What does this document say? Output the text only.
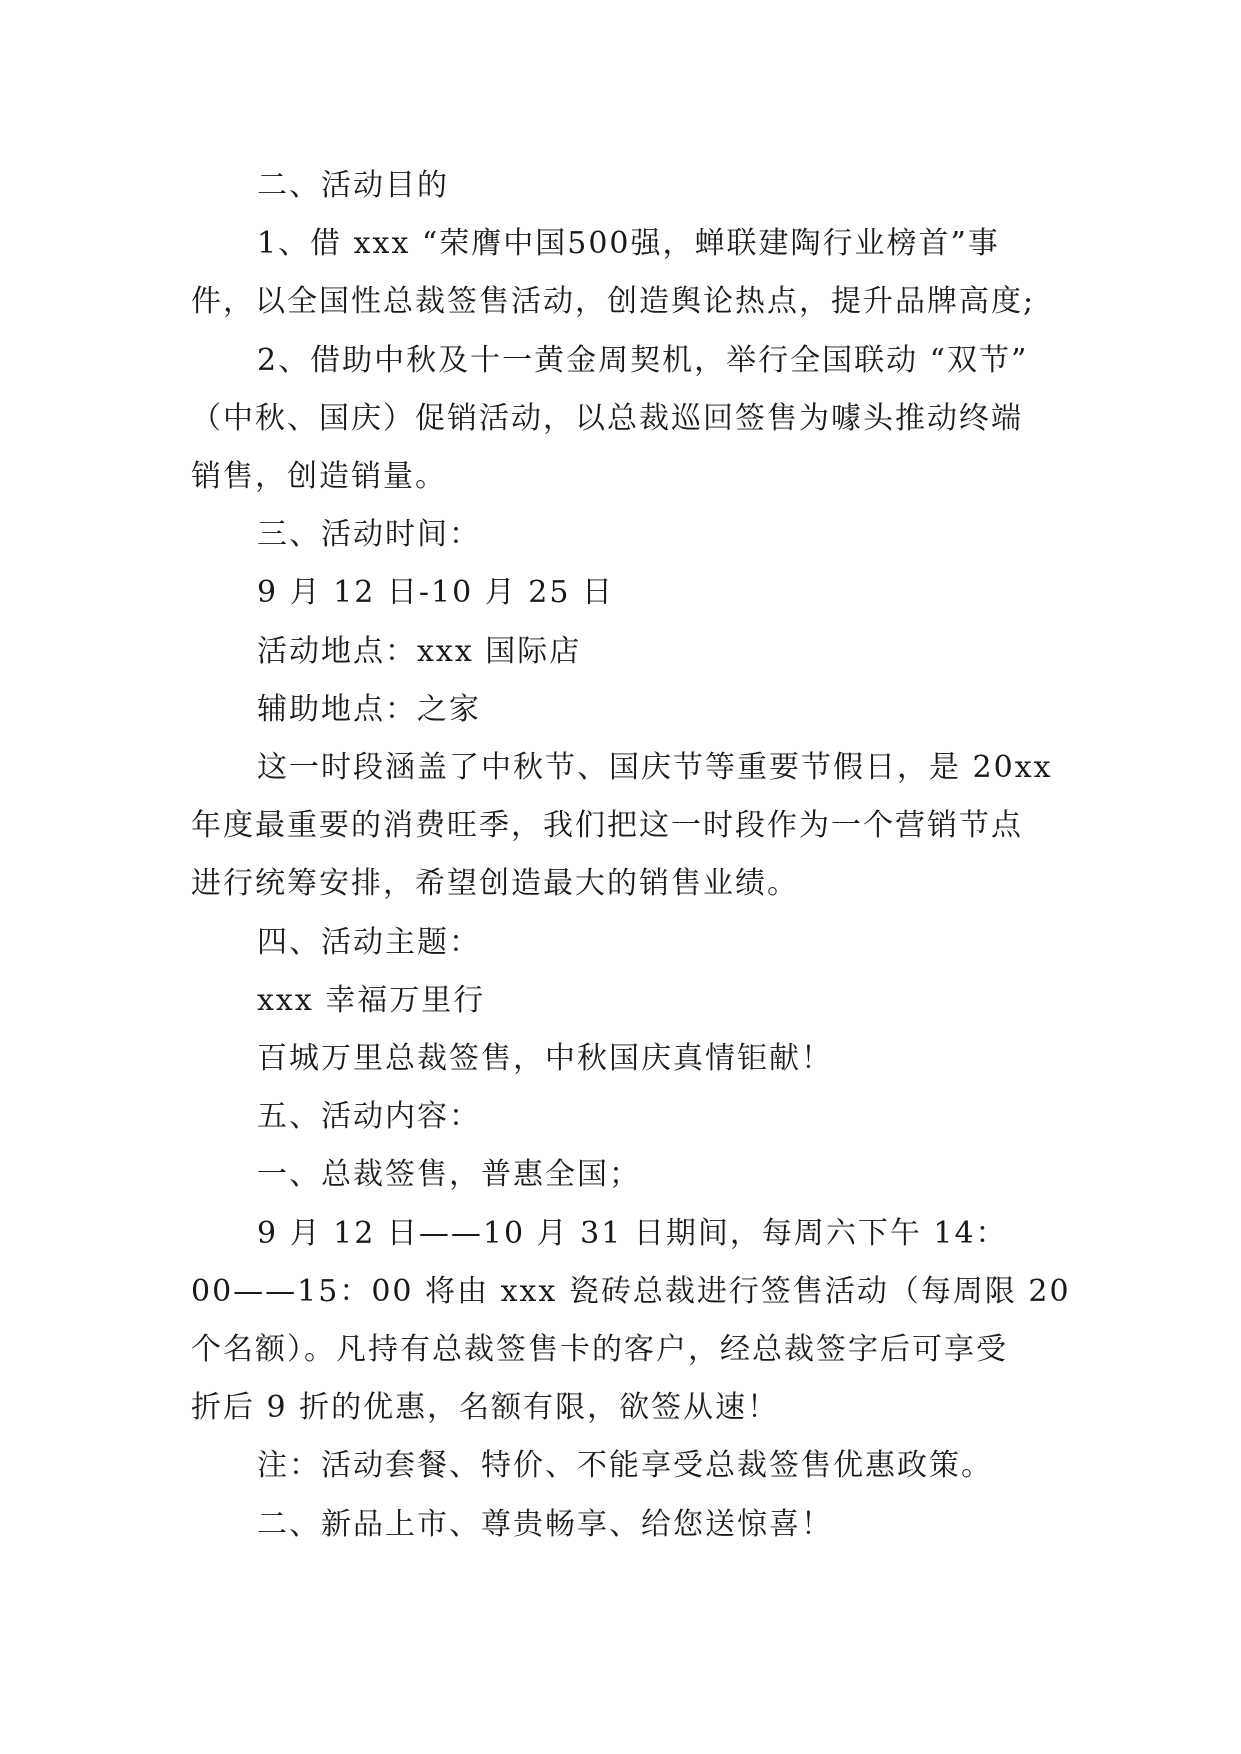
二、活动目的

1、借 xxx “荣膺中国500强，蝉联建陶行业榜首”事
件，以全国性总裁签售活动，创造舆论热点，提升品牌高度;

2、借助中秋及十一黄金周契机，举行全国联动 “双节”
（中秋、国庆）促销活动，以总裁巡回签售为噱头推动终端
销售，创造销量。

三、活动时间：

9 月 12 日-10 月 25 日

活动地点：xxx 国际店

辅助地点：之家

这一时段涵盖了中秋节、国庆节等重要节假日，是 20xx
年度最重要的消费旺季，我们把这一时段作为一个营销节点
进行统筹安排，希望创造最大的销售业绩。

四、活动主题：

xxx 幸福万里行

百城万里总裁签售，中秋国庆真情钜献！

五、活动内容：

一、总裁签售，普惠全国；

9 月 12 日——10 月 31 日期间，每周六下午 14：
00——15：00 将由 xxx 瓷砖总裁进行签售活动（每周限 20
个名额）。凡持有总裁签售卡的客户，经总裁签字后可享受
折后 9 折的优惠，名额有限，欲签从速！

注：活动套餐、特价、不能享受总裁签售优惠政策。

二、新品上市、尊贵畅享、给您送惊喜！
